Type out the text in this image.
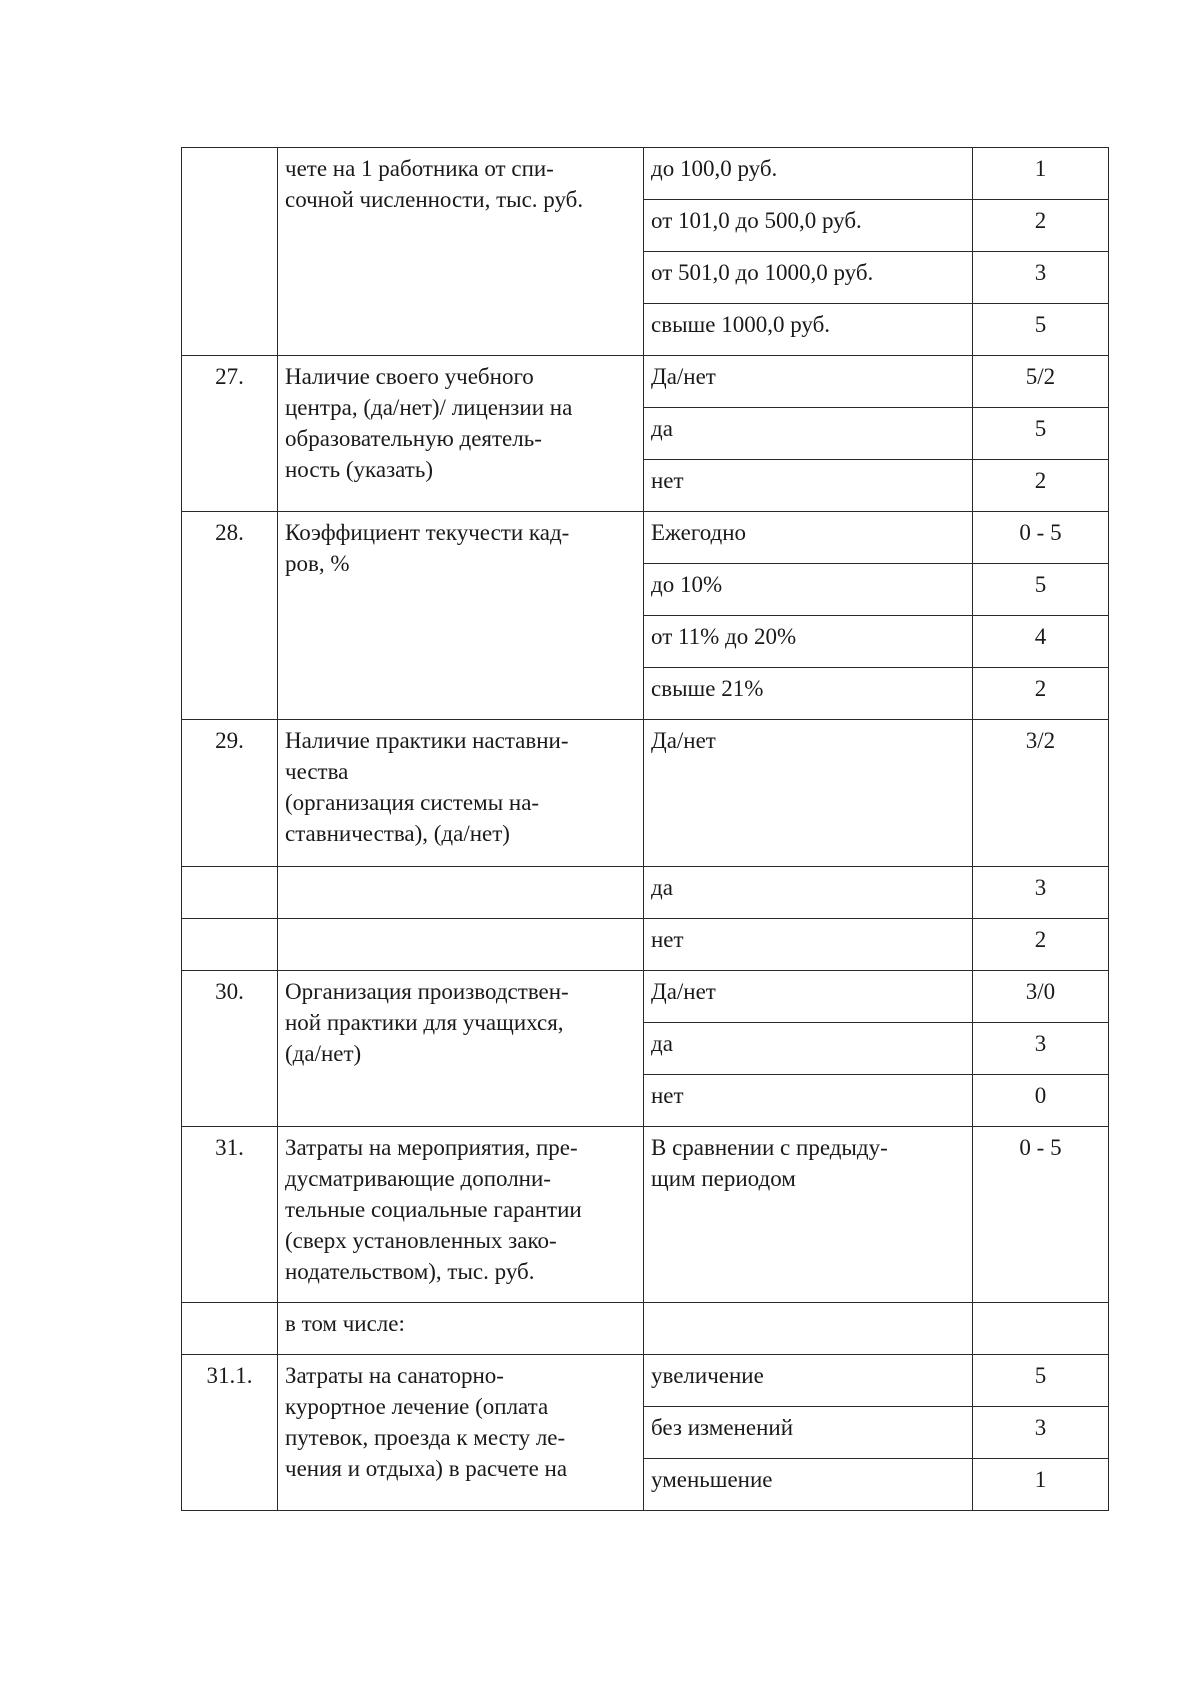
	чете на 1 работника от спи-
сочной численности, тыс. руб.	до 100,0 руб.	1
		от 101,0 до 500,0 руб.	2
		от 501,0 до 1000,0 руб.	3
		свыше 1000,0 руб.	5
27.	Наличие своего учебного
центра, (да/нет)/ лицензии на
образовательную деятель-
ность (указать)	Да/нет	5/2
		да	5
		нет	2
28.	Коэффициент текучести кад-
ров, %	Ежегодно	0 - 5
		до 10%	5
		от 11% до 20%	4
		свыше 21%	2
29.	Наличие практики наставни-
чества
(организация системы на-
ставничества), (да/нет)	Да/нет	3/2
		да	3
		нет	2
30.	Организация производствен-
ной практики для учащихся,
(да/нет)	Да/нет	3/0
		да	3
		нет	0
31.	Затраты на мероприятия, пре-
дусматривающие дополни-
тельные социальные гарантии
(сверх установленных зако-
нодательством), тыс. руб.	В сравнении с предыду-
щим периодом	0 - 5
	в том числе:		
31.1.	Затраты на санаторно-
курортное лечение (оплата
путевок, проезда к месту ле-
чения и отдыха) в расчете на	увеличение	5
		без изменений	3
		уменьшение	1
